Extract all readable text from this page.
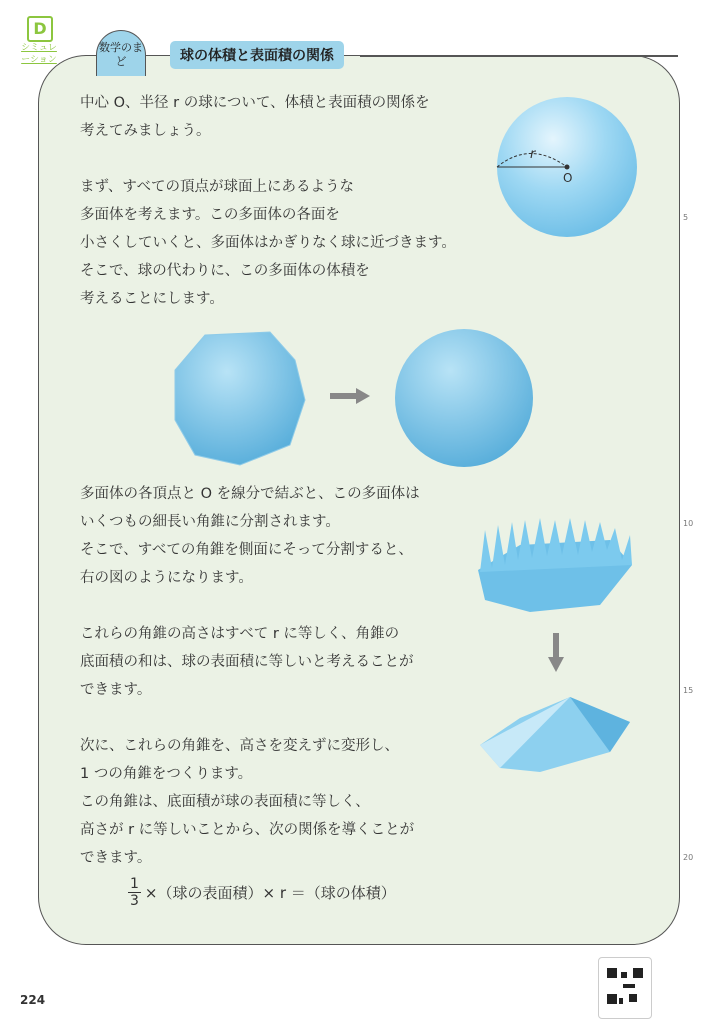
D
シミュレーション
数学のまど	球の体積と表面積の関係
中心 O、半径 r の球について、体積と表面積の関係を
考えてみましょう。
まず、すべての頂点が球面上にあるような
多面体を考えます。この多面体の各面を
小さくしていくと、多面体はかぎりなく球に近づきます。
そこで、球の代わりに、この多面体の体積を
考えることにします。
多面体の各頂点と O を線分で結ぶと、この多面体は
いくつもの細長い角錐に分割されます。
そこで、すべての角錐を側面にそって分割すると、
右の図のようになります。
これらの角錐の高さはすべて r に等しく、角錐の
底面積の和は、球の表面積に等しいと考えることが
できます。
次に、これらの角錐を、高さを変えずに変形し、
1 つの角錐をつくります。
この角錐は、底面積が球の表面積に等しく、
高さが r に等しいことから、次の関係を導くことが
できます。
$\frac{1}{3}$ ×（球の表面積）× r ＝（球の体積）
r
O
5
10
15
20
224
